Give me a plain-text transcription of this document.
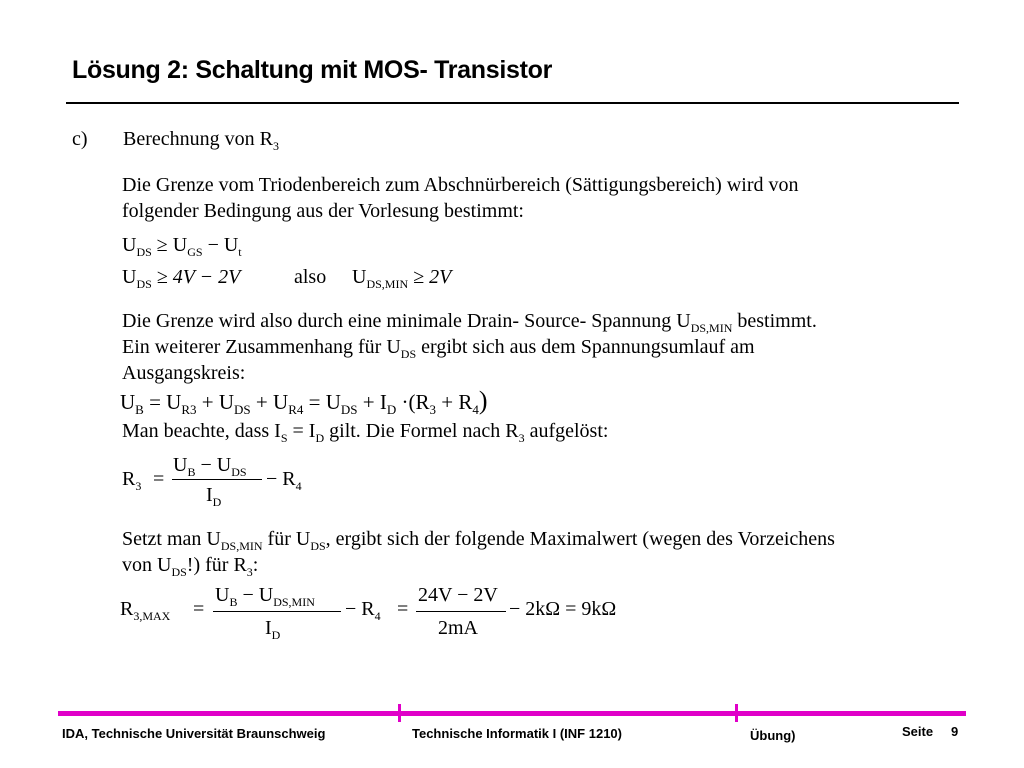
Lösung 2: Schaltung mit MOS- Transistor
c) Berechnung von $R_3$
Die Grenze vom Triodenbereich zum Abschnürbereich (Sättigungsbereich) wird von
folgender Bedingung aus der Vorlesung bestimmt:
$U_{DS} \ge U_{GS} - U_t$
$U_{DS} \ge 4V - 2V$	also $U_{DS,MIN} \ge 2V$
Die Grenze wird also durch eine minimale Drain- Source- Spannung $U_{DS,MIN}$ bestimmt.
Ein weiterer Zusammenhang für $U_{DS}$ ergibt sich aus dem Spannungsumlauf am
Ausgangskreis:
$U_B = U_{R3} + U_{DS} + U_{R4} = U_{DS} + I_D \cdot(R_3 + R_4)$
Man beachte, dass $I_S = I_D$ gilt. Die Formel nach $R_3$ aufgelöst:
$R_3$ =
$U_B - U_{DS}$
$I_D$
− $R_4$
Setzt man $U_{DS,MIN}$ für $U_{DS}$, ergibt sich der folgende Maximalwert (wegen des Vorzeichens
von $U_{DS}$!) für $R_3$:
$R_{3,MAX}$ =
$U_B - U_{DS,MIN}$
$I_D$
− $R_4$ =
24V − 2V
2mA
− 2kΩ = 9kΩ
IDA, Technische Universität Braunschweig	Technische Informatik I (INF 1210)	Übung)	Seite 9
